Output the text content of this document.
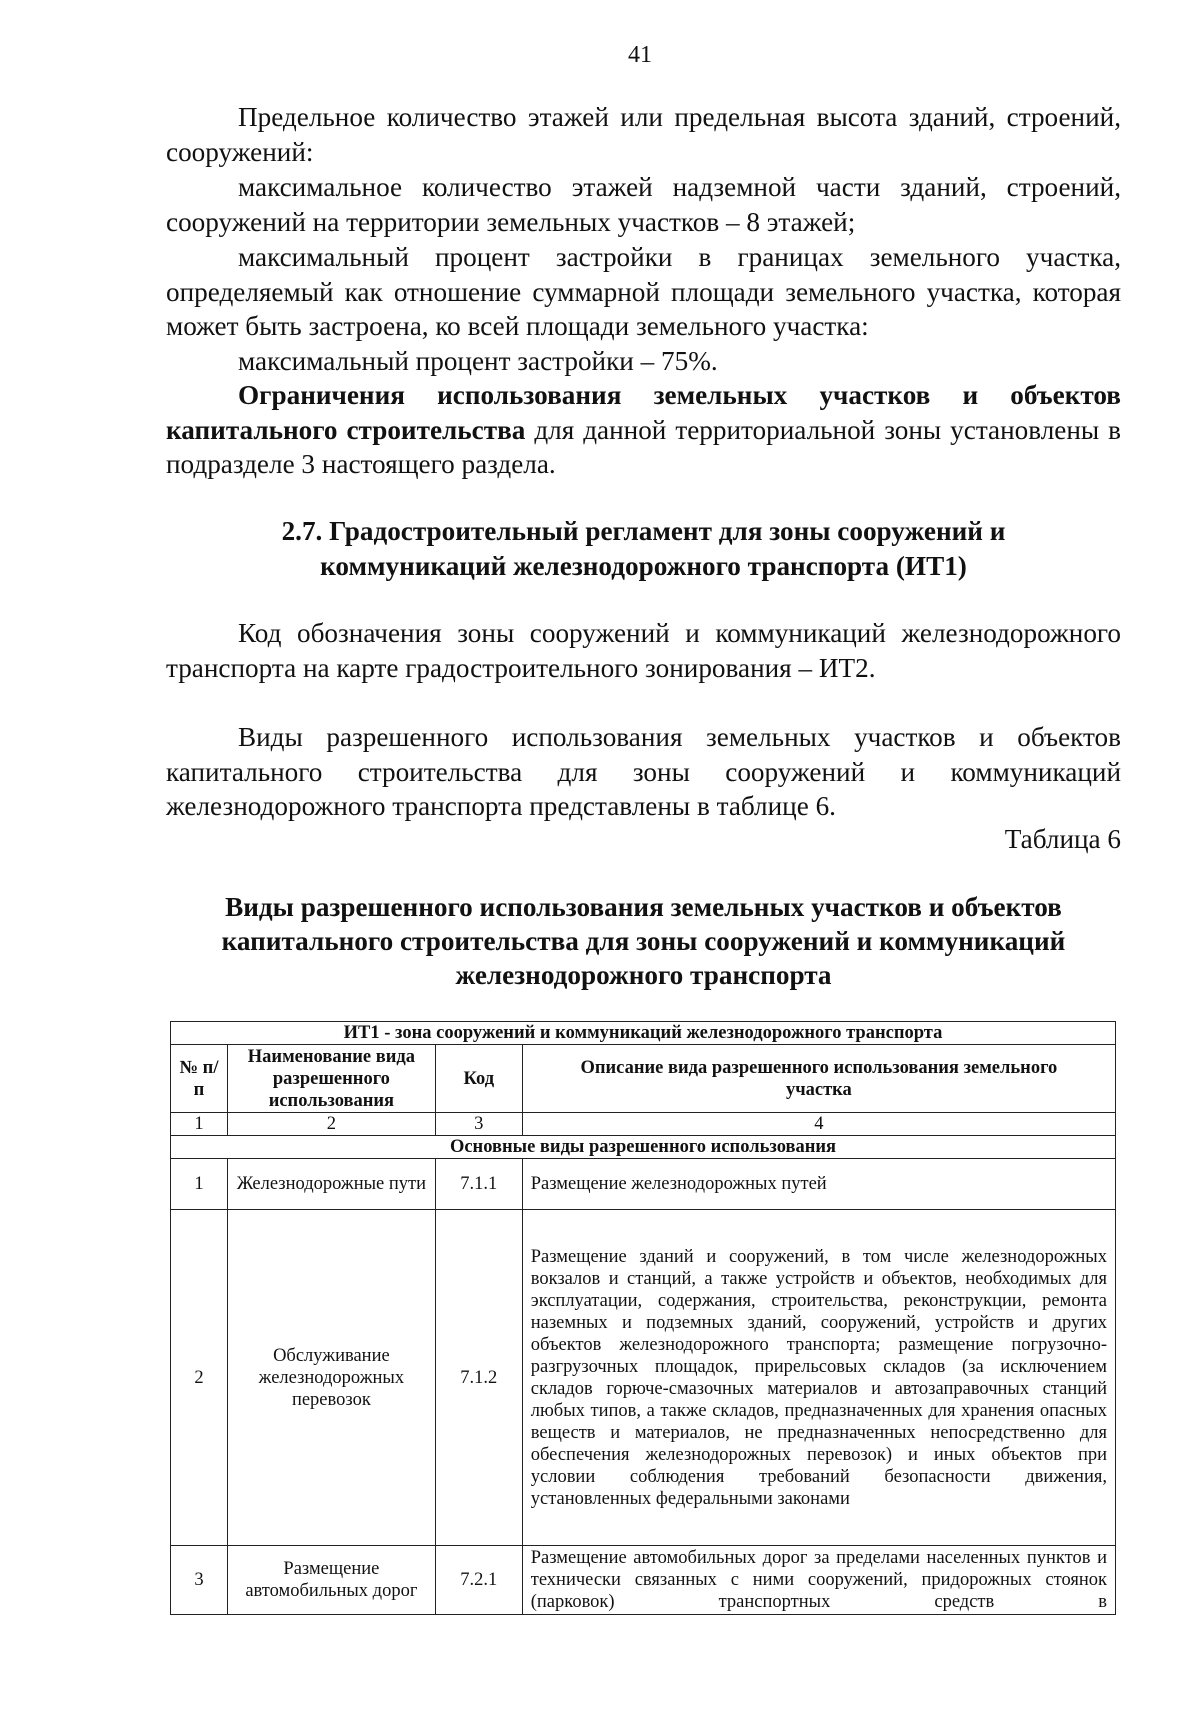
41
Предельное количество этажей или предельная высота зданий, строений, сооружений:
максимальное количество этажей надземной части зданий, строений, сооружений на территории земельных участков – 8 этажей;
максимальный процент застройки в границах земельного участка, определяемый как отношение суммарной площади земельного участка, которая может быть застроена, ко всей площади земельного участка:
максимальный процент застройки – 75%.
Ограничения использования земельных участков и объектов капитального строительства для данной территориальной зоны установлены в подразделе 3 настоящего раздела.
2.7. Градостроительный регламент для зоны сооружений и
коммуникаций железнодорожного транспорта (ИТ1)
Код обозначения зоны сооружений и коммуникаций железнодорожного транспорта на карте градостроительного зонирования – ИТ2.
Виды разрешенного использования земельных участков и объектов капитального строительства для зоны сооружений и коммуникаций железнодорожного транспорта представлены в таблице 6.
Таблица 6
Виды разрешенного использования земельных участков и объектов
капитального строительства для зоны сооружений и коммуникаций
железнодорожного транспорта
ИТ1 - зона сооружений и коммуникаций железнодорожного транспорта			
№ п/п	Наименование вида разрешенного использования	Код	Описание вида разрешенного использования земельного участка
1	2	3	4
Основные виды разрешенного использования			
1	Железнодорожные пути	7.1.1	Размещение железнодорожных путей
2	Обслуживание железнодорожных перевозок	7.1.2	Размещение зданий и сооружений, в том числе железнодорожных вокзалов и станций, а также устройств и объектов, необходимых для эксплуатации, содержания, строительства, реконструкции, ремонта наземных и подземных зданий, сооружений, устройств и других объектов железнодорожного транспорта; размещение погрузочно-разгрузочных площадок, прирельсовых складов (за исключением складов горюче-смазочных материалов и автозаправочных станций любых типов, а также складов, предназначенных для хранения опасных веществ и материалов, не предназначенных непосредственно для обеспечения железнодорожных перевозок) и иных объектов при условии соблюдения требований безопасности движения, установленных федеральными законами
3	Размещение автомобильных дорог	7.2.1	Размещение автомобильных дорог за пределами населенных пунктов и технически связанных с ними сооружений, придорожных стоянок (парковок) транспортных средств в
